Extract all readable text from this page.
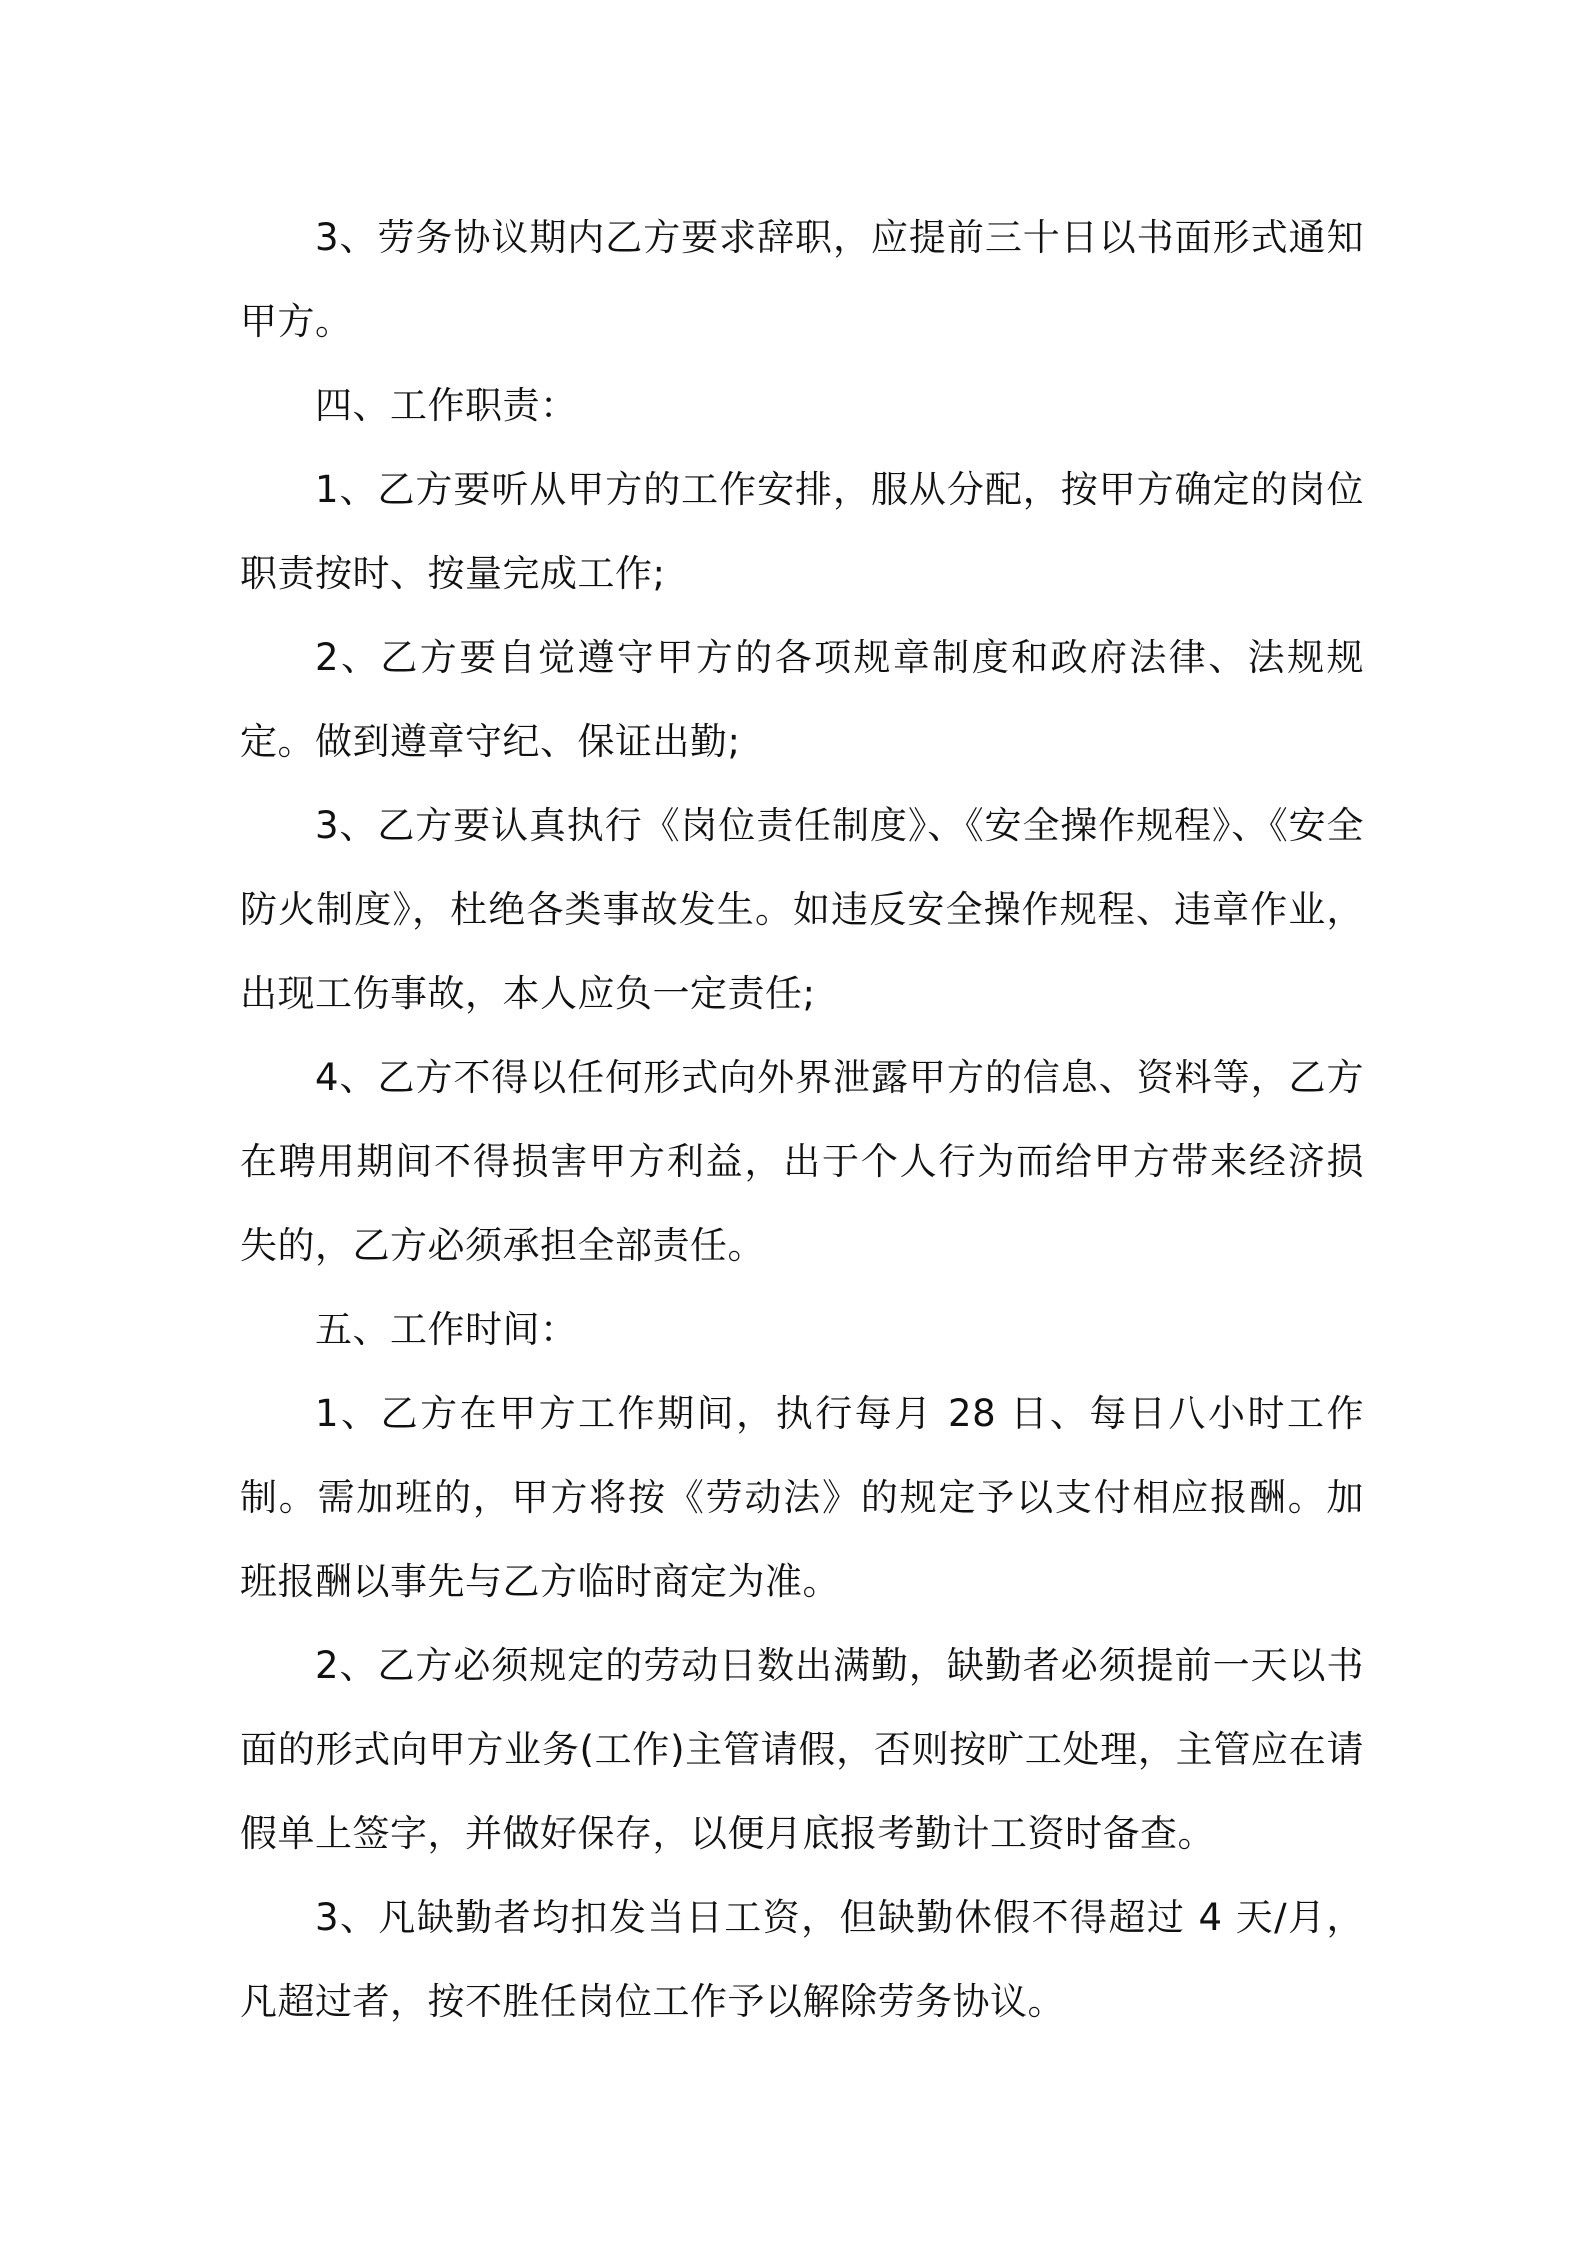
3、劳务协议期内乙方要求辞职，应提前三十日以书面形式通知甲方。

四、工作职责：

1、乙方要听从甲方的工作安排，服从分配，按甲方确定的岗位职责按时、按量完成工作;

2、乙方要自觉遵守甲方的各项规章制度和政府法律、法规规定。做到遵章守纪、保证出勤;

3、乙方要认真执行《岗位责任制度》、《安全操作规程》、《安全防火制度》，杜绝各类事故发生。如违反安全操作规程、违章作业，出现工伤事故，本人应负一定责任;

4、乙方不得以任何形式向外界泄露甲方的信息、资料等，乙方在聘用期间不得损害甲方利益，出于个人行为而给甲方带来经济损失的，乙方必须承担全部责任。

五、工作时间：

1、乙方在甲方工作期间，执行每月 28 日、每日八小时工作制。需加班的，甲方将按《劳动法》的规定予以支付相应报酬。加班报酬以事先与乙方临时商定为准。

2、乙方必须规定的劳动日数出满勤，缺勤者必须提前一天以书面的形式向甲方业务(工作)主管请假，否则按旷工处理，主管应在请假单上签字，并做好保存，以便月底报考勤计工资时备查。

3、凡缺勤者均扣发当日工资，但缺勤休假不得超过 4 天/月，凡超过者，按不胜任岗位工作予以解除劳务协议。
